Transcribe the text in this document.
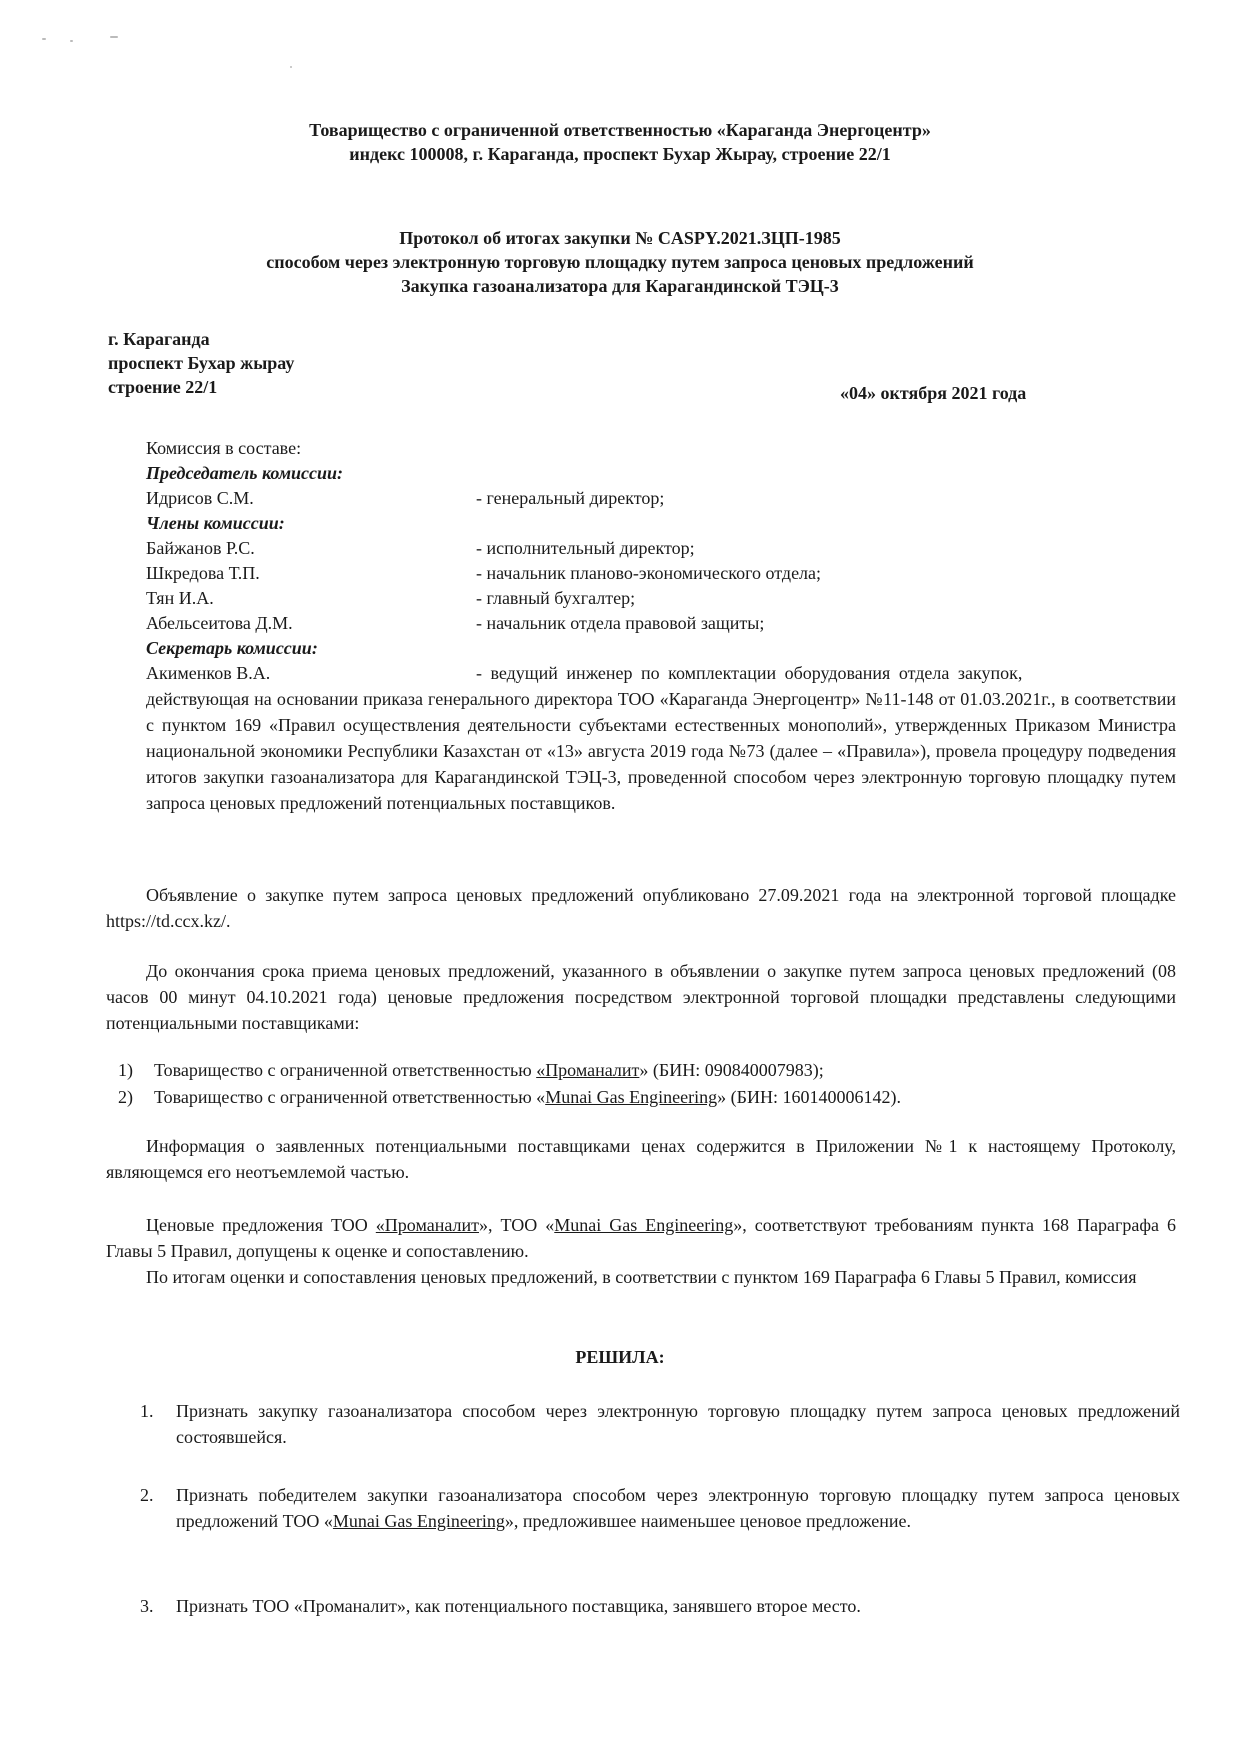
Товарищество с ограниченной ответственностью «Караганда Энергоцентр»
индекс 100008, г. Караганда, проспект Бухар Жырау, строение 22/1
Протокол об итогах закупки № CASPY.2021.ЗЦП-1985
способом через электронную торговую площадку путем запроса ценовых предложений
Закупка газоанализатора для Карагандинской ТЭЦ-3
г. Караганда
проспект Бухар жырау
строение 22/1	«04» октября 2021 года
Комиссия в составе:
Председатель комиссии:
Идрисов С.М.	- генеральный директор;
Члены комиссии:
Байжанов Р.С.	- исполнительный директор;
Шкредова Т.П.	- начальник планово-экономического отдела;
Тян И.А.	- главный бухгалтер;
Абельсеитова Д.М.	- начальник отдела правовой защиты;
Секретарь комиссии:
Акименков В.А.	- ведущий инженер по комплектации оборудования отдела закупок,
действующая на основании приказа генерального директора ТОО «Караганда Энергоцентр» №11-148 от 01.03.2021г., в соответствии с пунктом 169 «Правил осуществления деятельности субъектами естественных монополий», утвержденных Приказом Министра национальной экономики Республики Казахстан от «13» августа 2019 года №73 (далее – «Правила»), провела процедуру подведения итогов закупки газоанализатора для Карагандинской ТЭЦ-3, проведенной способом через электронную торговую площадку путем запроса ценовых предложений потенциальных поставщиков.
Объявление о закупке путем запроса ценовых предложений опубликовано 27.09.2021 года на электронной торговой площадке https://td.ccx.kz/.
До окончания срока приема ценовых предложений, указанного в объявлении о закупке путем запроса ценовых предложений (08 часов 00 минут 04.10.2021 года) ценовые предложения посредством электронной торговой площадки представлены следующими потенциальными поставщиками:
1) Товарищество с ограниченной ответственностью «Проманалит» (БИН: 090840007983);
2) Товарищество с ограниченной ответственностью «Munai Gas Engineering» (БИН: 160140006142).
Информация о заявленных потенциальными поставщиками ценах содержится в Приложении №1 к настоящему Протоколу, являющемся его неотъемлемой частью.
Ценовые предложения ТОО «Проманалит», ТОО «Munai Gas Engineering», соответствуют требованиям пункта 168 Параграфа 6 Главы 5 Правил, допущены к оценке и сопоставлению.
По итогам оценки и сопоставления ценовых предложений, в соответствии с пунктом 169 Параграфа 6 Главы 5 Правил, комиссия
РЕШИЛА:
1.	Признать закупку газоанализатора способом через электронную торговую площадку путем запроса ценовых предложений состоявшейся.
2.	Признать победителем закупки газоанализатора способом через электронную торговую площадку путем запроса ценовых предложений ТОО «Munai Gas Engineering», предложившее наименьшее ценовое предложение.
3.	Признать ТОО «Проманалит», как потенциального поставщика, занявшего второе место.
